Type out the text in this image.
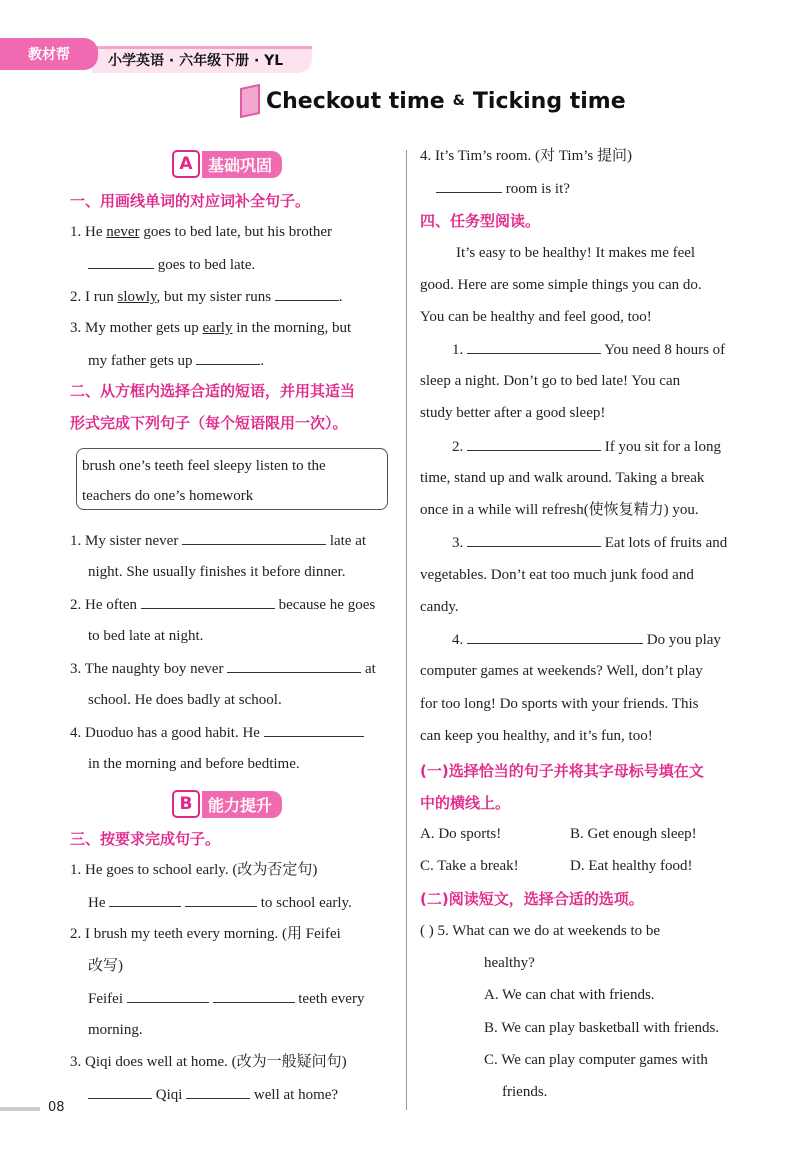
教材帮	小学英语 · 六年级下册 · YL
Checkout time & Ticking time
A 基础巩固
一、用画线单词的对应词补全句子。
1. He never goes to bed late, but his brother
goes to bed late.
2. I run slowly, but my sister runs	.
3. My mother gets up early in the morning, but
my father gets up	.
二、从方框内选择合适的短语，并用其适当
形式完成下列句子（每个短语限用一次）。
brush one’s teeth feel sleepy listen to the
teachers do one’s homework
1. My sister never	late at
night. She usually finishes it before dinner.
2. He often	because he goes
to bed late at night.
3. The naughty boy never	at
school. He does badly at school.
4. Duoduo has a good habit. He
in the morning and before bedtime.
B 能力提升
三、按要求完成句子。
1. He goes to school early. (改为否定句)
He	to school early.
2. I brush my teeth every morning. (用 Feifei
改写)
Feifei	teeth every
morning.
3. Qiqi does well at home. (改为一般疑问句)
Qiqi	well at home?
4. It’s Tim’s room. (对 Tim’s 提问)
room is it?
四、任务型阅读。
It’s easy to be healthy! It makes me feel
good. Here are some simple things you can do.
You can be healthy and feel good, too!
1.	You need 8 hours of
sleep a night. Don’t go to bed late! You can
study better after a good sleep!
2.	If you sit for a long
time, stand up and walk around. Taking a break
once in a while will refresh(使恢复精力) you.
3.	Eat lots of fruits and
vegetables. Don’t eat too much junk food and
candy.
4.	Do you play
computer games at weekends? Well, don’t play
for too long! Do sports with your friends. This
can keep you healthy, and it’s fun, too!
(一)选择恰当的句子并将其字母标号填在文
中的横线上。
A. Do sports!	B. Get enough sleep!
C. Take a break!	D. Eat healthy food!
(二)阅读短文，选择合适的选项。
( ) 5. What can we do at weekends to be
healthy?
A. We can chat with friends.
B. We can play basketball with friends.
C. We can play computer games with
friends.
08
